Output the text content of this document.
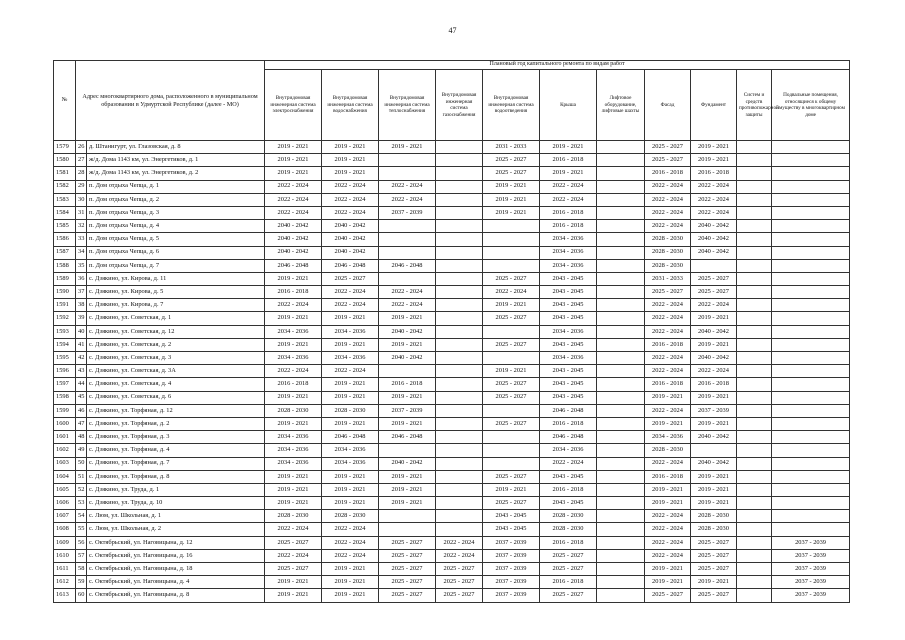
47
№	Адрес многоквартирного дома, расположенного в муниципальном образовании в Удмуртской Республике (далее - МО)		Плановый год капитального ремонта по видам работ										
			Внутридомовая инженерная система электроснабжения	Внутридомовая инженерная система водоснабжения	Внутридомовая инженерная система теплоснабжения	Внутридомовая инженерная система газоснабжения	Внутридомовая инженерная система водоотведения	Крыша	Лифтовое оборудование, лифтовые шахты	Фасад	Фундамент	Систем и средств противопожарной защиты	Подвальные помещения, относящиеся к общему имуществу в многоквартирном доме
1579	26	д. Штанигурт, ул. Глазовская, д. 8	2019 - 2021	2019 - 2021	2019 - 2021		2031 - 2033	2019 - 2021		2025 - 2027	2019 - 2021		
1580	27	ж/д. Дома 1143 км, ул. Энергетиков, д. 1	2019 - 2021	2019 - 2021			2025 - 2027	2016 - 2018		2025 - 2027	2019 - 2021		
1581	28	ж/д. Дома 1143 км, ул. Энергетиков, д. 2	2019 - 2021	2019 - 2021			2025 - 2027	2019 - 2021		2016 - 2018	2016 - 2018		
1582	29	п. Дом отдыха Чепца, д. 1	2022 - 2024	2022 - 2024	2022 - 2024		2019 - 2021	2022 - 2024		2022 - 2024	2022 - 2024		
1583	30	п. Дом отдыха Чепца, д. 2	2022 - 2024	2022 - 2024	2022 - 2024		2019 - 2021	2022 - 2024		2022 - 2024	2022 - 2024		
1584	31	п. Дом отдыха Чепца, д. 3	2022 - 2024	2022 - 2024	2037 - 2039		2019 - 2021	2016 - 2018		2022 - 2024	2022 - 2024		
1585	32	п. Дом отдыха Чепца, д. 4	2040 - 2042	2040 - 2042				2016 - 2018		2022 - 2024	2040 - 2042		
1586	33	п. Дом отдыха Чепца, д. 5	2040 - 2042	2040 - 2042				2034 - 2036		2028 - 2030	2040 - 2042		
1587	34	п. Дом отдыха Чепца, д. 6	2040 - 2042	2040 - 2042				2034 - 2036		2028 - 2030	2040 - 2042		
1588	35	п. Дом отдыха Чепца, д. 7	2046 - 2048	2046 - 2048	2046 - 2048			2034 - 2036		2028 - 2030			
1589	36	с. Дзякино, ул. Кирова, д. 11	2019 - 2021	2025 - 2027			2025 - 2027	2043 - 2045		2031 - 2033	2025 - 2027		
1590	37	с. Дзякино, ул. Кирова, д. 5	2016 - 2018	2022 - 2024	2022 - 2024		2022 - 2024	2043 - 2045		2025 - 2027	2025 - 2027		
1591	38	с. Дзякино, ул. Кирова, д. 7	2022 - 2024	2022 - 2024	2022 - 2024		2019 - 2021	2043 - 2045		2022 - 2024	2022 - 2024		
1592	39	с. Дзякино, ул. Советская, д. 1	2019 - 2021	2019 - 2021	2019 - 2021		2025 - 2027	2043 - 2045		2022 - 2024	2019 - 2021		
1593	40	с. Дзякино, ул. Советская, д. 12	2034 - 2036	2034 - 2036	2040 - 2042			2034 - 2036		2022 - 2024	2040 - 2042		
1594	41	с. Дзякино, ул. Советская, д. 2	2019 - 2021	2019 - 2021	2019 - 2021		2025 - 2027	2043 - 2045		2016 - 2018	2019 - 2021		
1595	42	с. Дзякино, ул. Советская, д. 3	2034 - 2036	2034 - 2036	2040 - 2042			2034 - 2036		2022 - 2024	2040 - 2042		
1596	43	с. Дзякино, ул. Советская, д. 3А	2022 - 2024	2022 - 2024			2019 - 2021	2043 - 2045		2022 - 2024	2022 - 2024		
1597	44	с. Дзякино, ул. Советская, д. 4	2016 - 2018	2019 - 2021	2016 - 2018		2025 - 2027	2043 - 2045		2016 - 2018	2016 - 2018		
1598	45	с. Дзякино, ул. Советская, д. 6	2019 - 2021	2019 - 2021	2019 - 2021		2025 - 2027	2043 - 2045		2019 - 2021	2019 - 2021		
1599	46	с. Дзякино, ул. Торфяная, д. 12	2028 - 2030	2028 - 2030	2037 - 2039			2046 - 2048		2022 - 2024	2037 - 2039		
1600	47	с. Дзякино, ул. Торфяная, д. 2	2019 - 2021	2019 - 2021	2019 - 2021		2025 - 2027	2016 - 2018		2019 - 2021	2019 - 2021		
1601	48	с. Дзякино, ул. Торфяная, д. 3	2034 - 2036	2046 - 2048	2046 - 2048			2046 - 2048		2034 - 2036	2040 - 2042		
1602	49	с. Дзякино, ул. Торфяная, д. 4	2034 - 2036	2034 - 2036				2034 - 2036		2028 - 2030			
1603	50	с. Дзякино, ул. Торфяная, д. 7	2034 - 2036	2034 - 2036	2040 - 2042			2022 - 2024		2022 - 2024	2040 - 2042		
1604	51	с. Дзякино, ул. Торфяная, д. 8	2019 - 2021	2019 - 2021	2019 - 2021		2025 - 2027	2043 - 2045		2016 - 2018	2019 - 2021		
1605	52	с. Дзякино, ул. Труда, д. 1	2019 - 2021	2019 - 2021	2019 - 2021		2019 - 2021	2016 - 2018		2019 - 2021	2019 - 2021		
1606	53	с. Дзякино, ул. Труда, д. 10	2019 - 2021	2019 - 2021	2019 - 2021		2025 - 2027	2043 - 2045		2019 - 2021	2019 - 2021		
1607	54	с. Люм, ул. Школьная, д. 1	2028 - 2030	2028 - 2030			2043 - 2045	2028 - 2030		2022 - 2024	2028 - 2030		
1608	55	с. Люм, ул. Школьная, д. 2	2022 - 2024	2022 - 2024			2043 - 2045	2028 - 2030		2022 - 2024	2028 - 2030		
1609	56	с. Октябрьский, ул. Наговицына, д. 12	2025 - 2027	2022 - 2024	2025 - 2027	2022 - 2024	2037 - 2039	2016 - 2018		2022 - 2024	2025 - 2027		2037 - 2039
1610	57	с. Октябрьский, ул. Наговицына, д. 16	2022 - 2024	2022 - 2024	2025 - 2027	2022 - 2024	2037 - 2039	2025 - 2027		2022 - 2024	2025 - 2027		2037 - 2039
1611	58	с. Октябрьский, ул. Наговицына, д. 18	2025 - 2027	2019 - 2021	2025 - 2027	2025 - 2027	2037 - 2039	2025 - 2027		2019 - 2021	2025 - 2027		2037 - 2039
1612	59	с. Октябрьский, ул. Наговицына, д. 4	2019 - 2021	2019 - 2021	2025 - 2027	2025 - 2027	2037 - 2039	2016 - 2018		2019 - 2021	2019 - 2021		2037 - 2039
1613	60	с. Октябрьский, ул. Наговицына, д. 8	2019 - 2021	2019 - 2021	2025 - 2027	2025 - 2027	2037 - 2039	2025 - 2027		2025 - 2027	2025 - 2027		2037 - 2039
